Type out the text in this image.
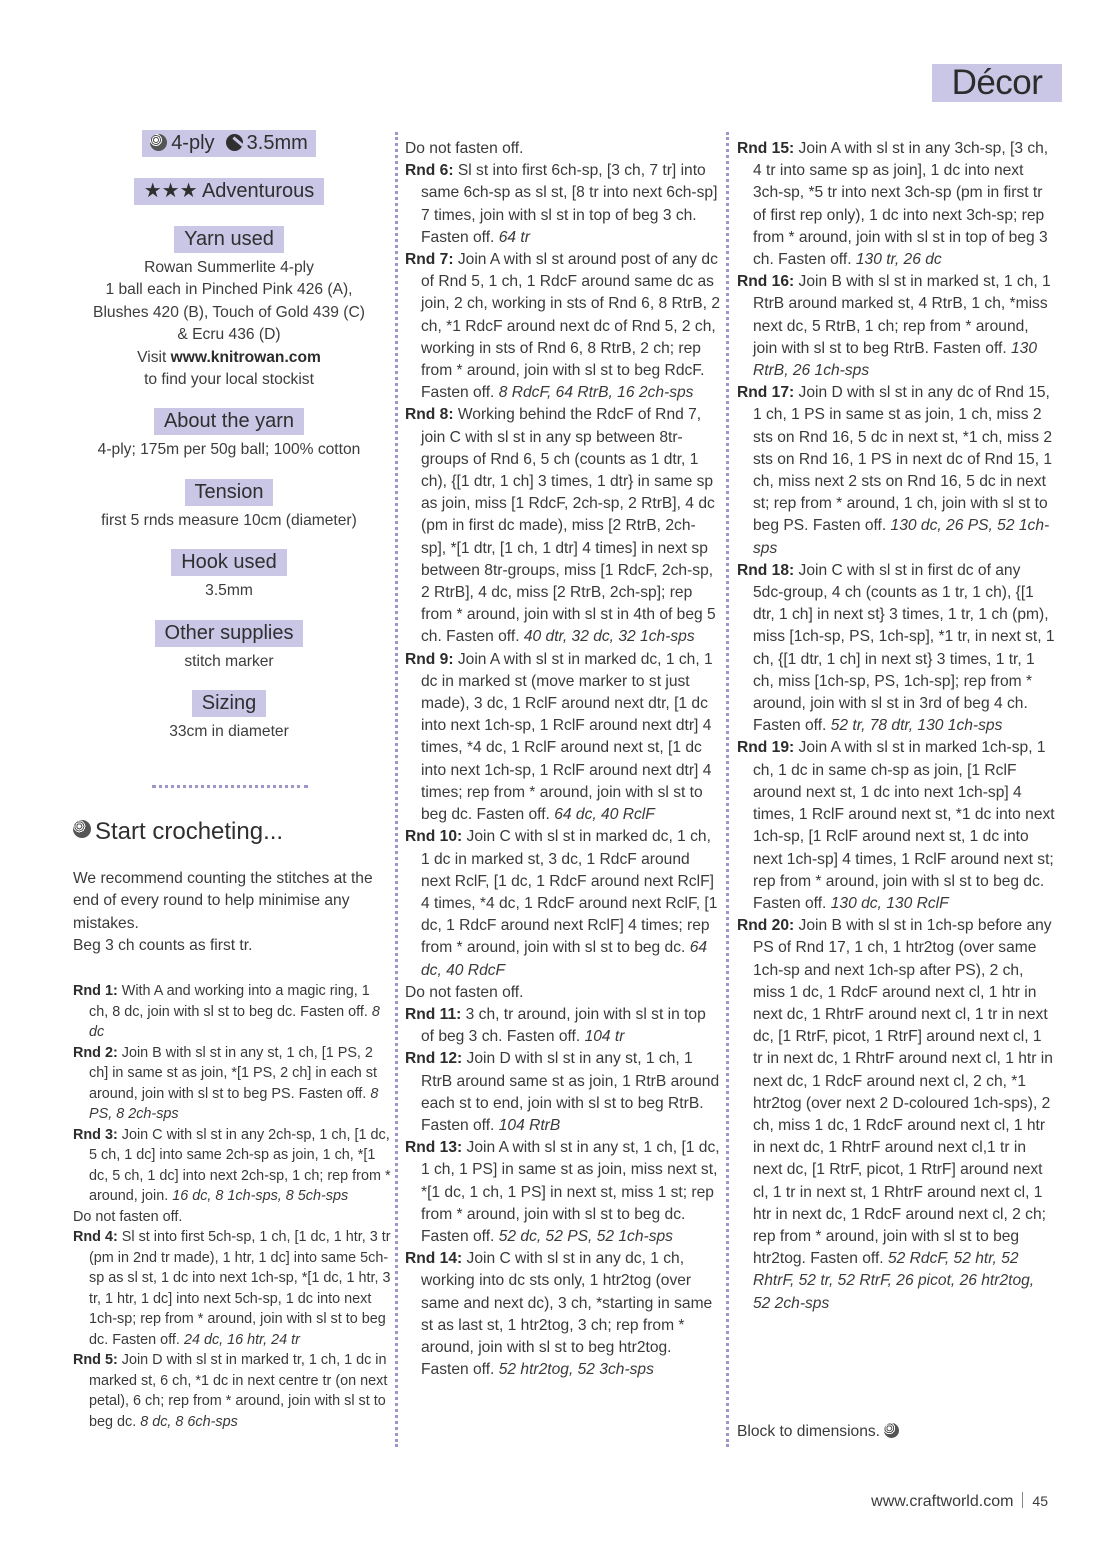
Décor
4-ply 3.5mm
★★★ Adventurous
Yarn used
Rowan Summerlite 4-ply
1 ball each in Pinched Pink 426 (A),
Blushes 420 (B), Touch of Gold 439 (C)
& Ecru 436 (D)
Visit www.knitrowan.com
to find your local stockist
About the yarn
4-ply; 175m per 50g ball; 100% cotton
Tension
first 5 rnds measure 10cm (diameter)
Hook used
3.5mm
Other supplies
stitch marker
Sizing
33cm in diameter
Start crocheting...
We recommend counting the stitches at the end of every round to help minimise any mistakes.
Beg 3 ch counts as first tr.

Rnd 1: With A and working into a magic ring, 1 ch, 8 dc, join with sl st to beg dc. Fasten off. 8 dc

Rnd 2: Join B with sl st in any st, 1 ch, [1 PS, 2 ch] in same st as join, *[1 PS, 2 ch] in each st around, join with sl st to beg PS. Fasten off. 8 PS, 8 2ch-sps

Rnd 3: Join C with sl st in any 2ch-sp, 1 ch, [1 dc, 5 ch, 1 dc] into same 2ch-sp as join, 1 ch, *[1 dc, 5 ch, 1 dc] into next 2ch-sp, 1 ch; rep from * around, join. 16 dc, 8 1ch-sps, 8 5ch-sps

Do not fasten off.

Rnd 4: Sl st into first 5ch-sp, 1 ch, [1 dc, 1 htr, 3 tr (pm in 2nd tr made), 1 htr, 1 dc] into same 5ch-sp as sl st, 1 dc into next 1ch-sp, *[1 dc, 1 htr, 3 tr, 1 htr, 1 dc] into next 5ch-sp, 1 dc into next 1ch-sp; rep from * around, join with sl st to beg dc. Fasten off. 24 dc, 16 htr, 24 tr

Rnd 5: Join D with sl st in marked tr, 1 ch, 1 dc in marked st, 6 ch, *1 dc in next centre tr (on next petal), 6 ch; rep from * around, join with sl st to beg dc. 8 dc, 8 6ch-sps

Do not fasten off.

Rnd 6: Sl st into first 6ch-sp, [3 ch, 7 tr] into same 6ch-sp as sl st, [8 tr into next 6ch-sp] 7 times, join with sl st in top of beg 3 ch. Fasten off. 64 tr

Rnd 7: Join A with sl st around post of any dc of Rnd 5, 1 ch, 1 RdcF around same dc as join, 2 ch, working in sts of Rnd 6, 8 RtrB, 2 ch, *1 RdcF around next dc of Rnd 5, 2 ch, working in sts of Rnd 6, 8 RtrB, 2 ch; rep from * around, join with sl st to beg RdcF. Fasten off. 8 RdcF, 64 RtrB, 16 2ch-sps

Rnd 8: Working behind the RdcF of Rnd 7, join C with sl st in any sp between 8tr-groups of Rnd 6, 5 ch (counts as 1 dtr, 1 ch), {[1 dtr, 1 ch] 3 times, 1 dtr} in same sp as join, miss [1 RdcF, 2ch-sp, 2 RtrB], 4 dc (pm in first dc made), miss [2 RtrB, 2ch-sp], *[1 dtr, [1 ch, 1 dtr] 4 times] in next sp between 8tr-groups, miss [1 RdcF, 2ch-sp, 2 RtrB], 4 dc, miss [2 RtrB, 2ch-sp]; rep from * around, join with sl st in 4th of beg 5 ch. Fasten off. 40 dtr, 32 dc, 32 1ch-sps

Rnd 9: Join A with sl st in marked dc, 1 ch, 1 dc in marked st (move marker to st just made), 3 dc, 1 RclF around next dtr, [1 dc into next 1ch-sp, 1 RclF around next dtr] 4 times, *4 dc, 1 RclF around next st, [1 dc into next 1ch-sp, 1 RclF around next dtr] 4 times; rep from * around, join with sl st to beg dc. Fasten off. 64 dc, 40 RclF

Rnd 10: Join C with sl st in marked dc, 1 ch, 1 dc in marked st, 3 dc, 1 RdcF around next RclF, [1 dc, 1 RdcF around next RclF] 4 times, *4 dc, 1 RdcF around next RclF, [1 dc, 1 RdcF around next RclF] 4 times; rep from * around, join with sl st to beg dc. 64 dc, 40 RdcF

Do not fasten off.

Rnd 11: 3 ch, tr around, join with sl st in top of beg 3 ch. Fasten off. 104 tr

Rnd 12: Join D with sl st in any st, 1 ch, 1 RtrB around same st as join, 1 RtrB around each st to end, join with sl st to beg RtrB. Fasten off. 104 RtrB

Rnd 13: Join A with sl st in any st, 1 ch, [1 dc, 1 ch, 1 PS] in same st as join, miss next st, *[1 dc, 1 ch, 1 PS] in next st, miss 1 st; rep from * around, join with sl st to beg dc. Fasten off. 52 dc, 52 PS, 52 1ch-sps

Rnd 14: Join C with sl st in any dc, 1 ch, working into dc sts only, 1 htr2tog (over same and next dc), 3 ch, *starting in same st as last st, 1 htr2tog, 3 ch; rep from * around, join with sl st to beg htr2tog. Fasten off. 52 htr2tog, 52 3ch-sps

Rnd 15: Join A with sl st in any 3ch-sp, [3 ch, 4 tr into same sp as join], 1 dc into next 3ch-sp, *5 tr into next 3ch-sp (pm in first tr of first rep only), 1 dc into next 3ch-sp; rep from * around, join with sl st in top of beg 3 ch. Fasten off. 130 tr, 26 dc

Rnd 16: Join B with sl st in marked st, 1 ch, 1 RtrB around marked st, 4 RtrB, 1 ch, *miss next dc, 5 RtrB, 1 ch; rep from * around, join with sl st to beg RtrB. Fasten off. 130 RtrB, 26 1ch-sps

Rnd 17: Join D with sl st in any dc of Rnd 15, 1 ch, 1 PS in same st as join, 1 ch, miss 2 sts on Rnd 16, 5 dc in next st, *1 ch, miss 2 sts on Rnd 16, 1 PS in next dc of Rnd 15, 1 ch, miss next 2 sts on Rnd 16, 5 dc in next st; rep from * around, 1 ch, join with sl st to beg PS. Fasten off. 130 dc, 26 PS, 52 1ch-sps

Rnd 18: Join C with sl st in first dc of any 5dc-group, 4 ch (counts as 1 tr, 1 ch), {[1 dtr, 1 ch] in next st} 3 times, 1 tr, 1 ch (pm), miss [1ch-sp, PS, 1ch-sp], *1 tr, in next st, 1 ch, {[1 dtr, 1 ch] in next st} 3 times, 1 tr, 1 ch, miss [1ch-sp, PS, 1ch-sp]; rep from * around, join with sl st in 3rd of beg 4 ch. Fasten off. 52 tr, 78 dtr, 130 1ch-sps

Rnd 19: Join A with sl st in marked 1ch-sp, 1 ch, 1 dc in same ch-sp as join, [1 RclF around next st, 1 dc into next 1ch-sp] 4 times, 1 RclF around next st, *1 dc into next 1ch-sp, [1 RclF around next st, 1 dc into next 1ch-sp] 4 times, 1 RclF around next st; rep from * around, join with sl st to beg dc. Fasten off. 130 dc, 130 RclF

Rnd 20: Join B with sl st in 1ch-sp before any PS of Rnd 17, 1 ch, 1 htr2tog (over same 1ch-sp and next 1ch-sp after PS), 2 ch, miss 1 dc, 1 RdcF around next cl, 1 htr in next dc, 1 RhtrF around next cl, 1 tr in next dc, [1 RtrF, picot, 1 RtrF] around next cl, 1 tr in next dc, 1 RhtrF around next cl, 1 htr in next dc, 1 RdcF around next cl, 2 ch, *1 htr2tog (over next 2 D-coloured 1ch-sps), 2 ch, miss 1 dc, 1 RdcF around next cl, 1 htr in next dc, 1 RhtrF around next cl,1 tr in next dc, [1 RtrF, picot, 1 RtrF] around next cl, 1 tr in next st, 1 RhtrF around next cl, 1 htr in next dc, 1 RdcF around next cl, 2 ch; rep from * around, join with sl st to beg htr2tog. Fasten off. 52 RdcF, 52 htr, 52 RhtrF, 52 tr, 52 RtrF, 26 picot, 26 htr2tog, 52 2ch-sps

Block to dimensions.
www.craftworld.com 45
